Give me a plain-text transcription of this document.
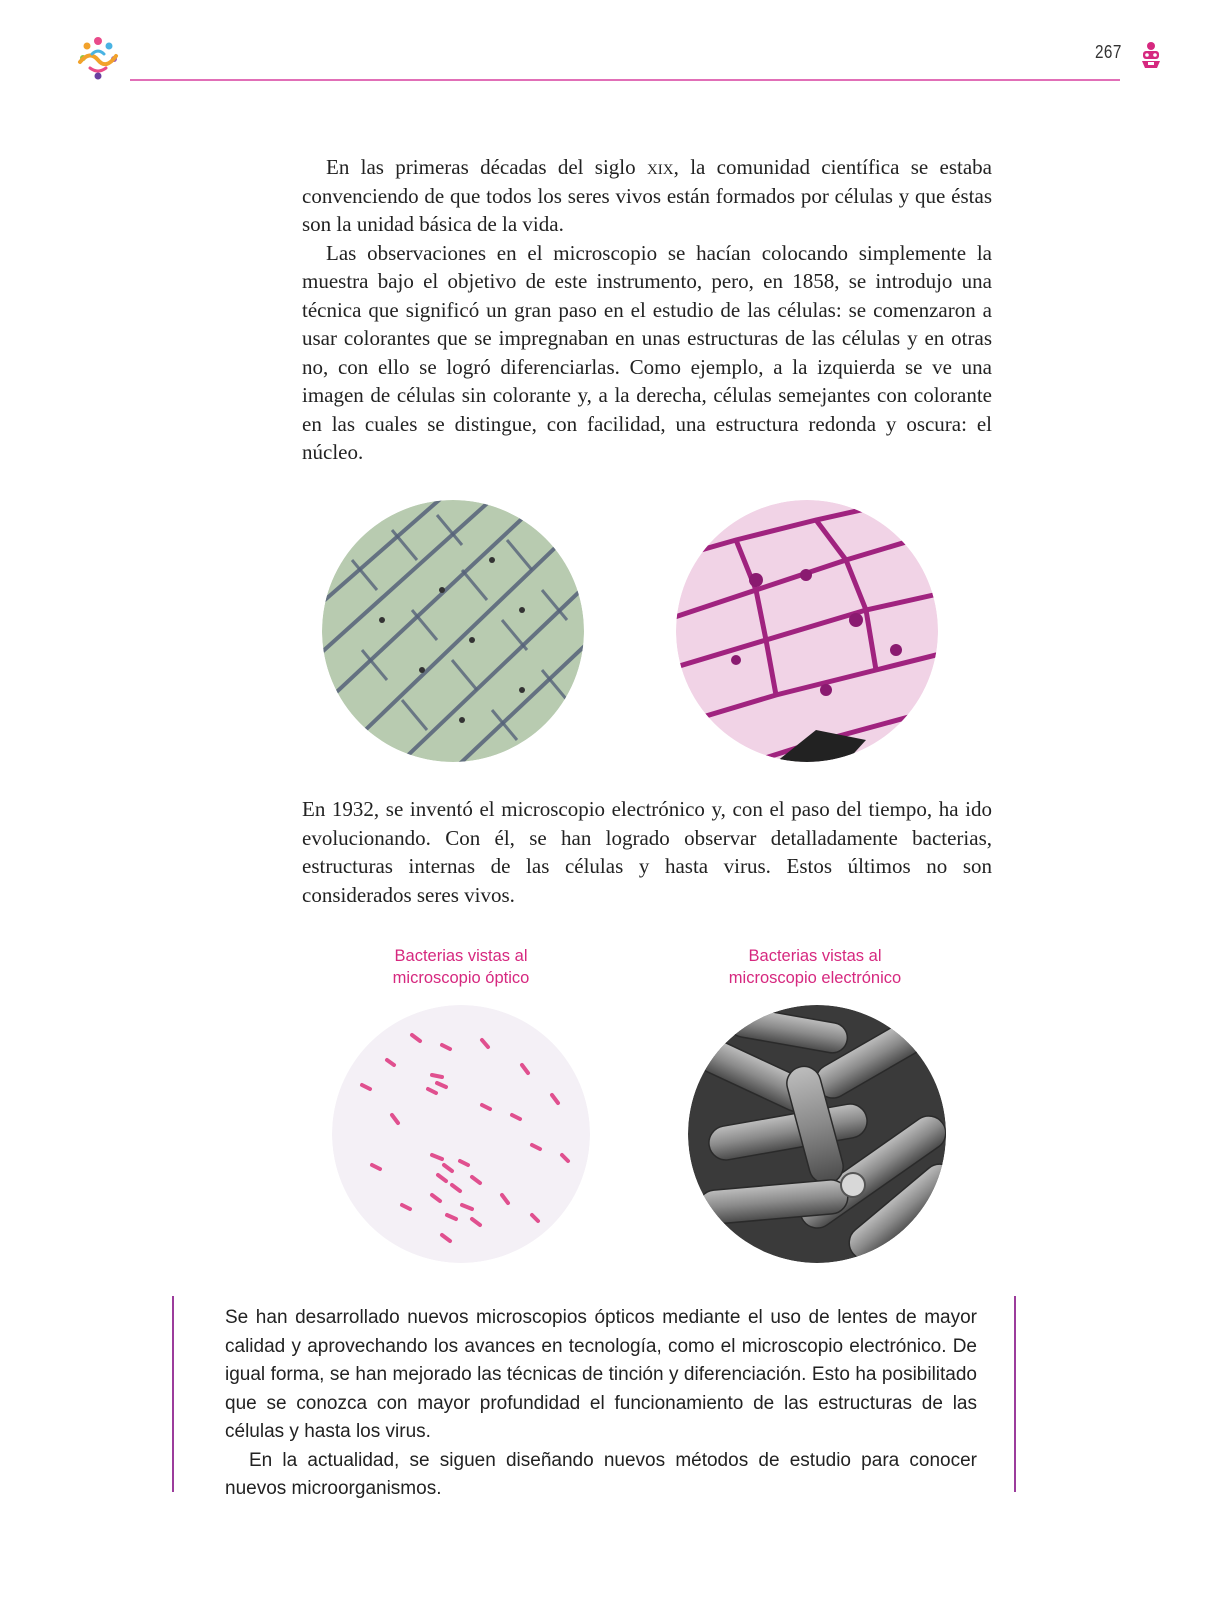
267

En las primeras décadas del siglo xix, la comunidad científica se estaba convenciendo de que todos los seres vivos están formados por células y que éstas son la unidad básica de la vida.

Las observaciones en el microscopio se hacían colocando simplemente la muestra bajo el objetivo de este instrumento, pero, en 1858, se introdujo una técnica que significó un gran paso en el estudio de las células: se comenzaron a usar colorantes que se impregnaban en unas estructuras de las células y en otras no, con ello se logró diferenciarlas. Como ejemplo, a la izquierda se ve una imagen de células sin colorante y, a la derecha, células semejantes con colorante en las cuales se distingue, con facilidad, una estructura redonda y oscura: el núcleo.

En 1932, se inventó el microscopio electrónico y, con el paso del tiempo, ha ido evolucionando. Con él, se han logrado observar detalladamente bacterias, estructuras internas de las células y hasta virus. Estos últimos no son considerados seres vivos.

Bacterias vistas al
microscopio óptico
Bacterias vistas al
microscopio electrónico

Se han desarrollado nuevos microscopios ópticos mediante el uso de lentes de mayor calidad y aprovechando los avances en tecnología, como el microscopio electrónico. De igual forma, se han mejorado las técnicas de tinción y diferenciación. Esto ha posibilitado que se conozca con mayor profundidad el funcionamiento de las estructuras de las células y hasta los virus.

En la actualidad, se siguen diseñando nuevos métodos de estudio para conocer nuevos microorganismos.
